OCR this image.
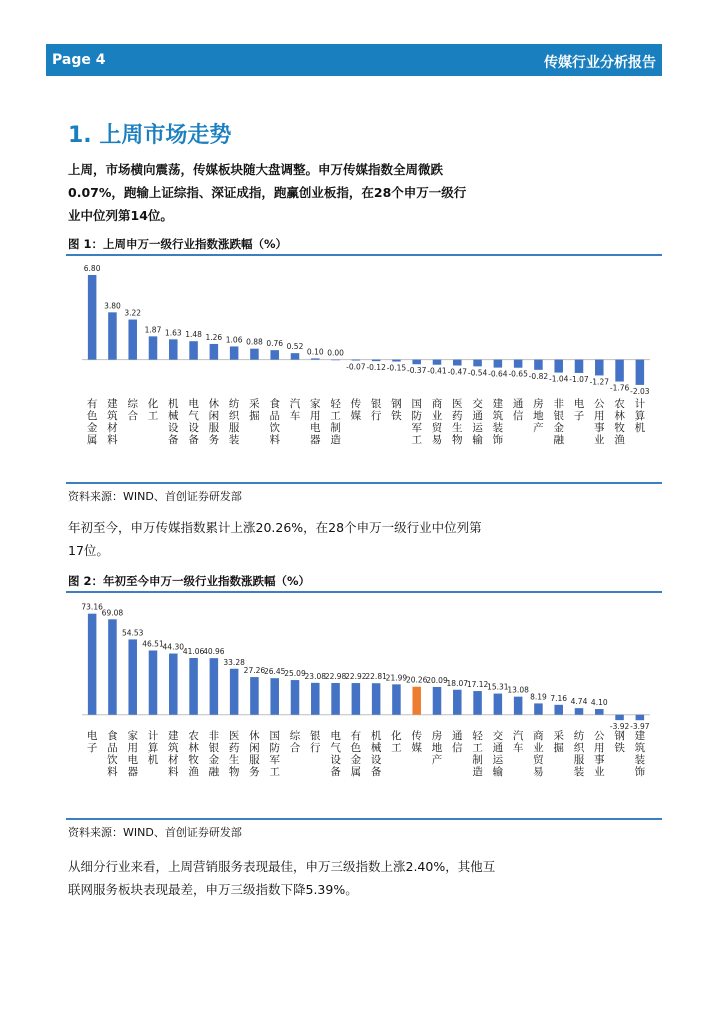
Page 4	传媒行业分析报告
1. 上周市场走势
上周，市场横向震荡，传媒板块随大盘调整。申万传媒指数全周微跌0.07%，跑输上证综指、深证成指，跑赢创业板指，在28个申万一级行业中位列第14位。
图 1：上周申万一级行业指数涨跌幅（%）
6.80
3.80
3.22
1.87 1.63 1.48 1.26 1.06 0.88 0.76 0.52
0.10 0.00
-0.07 -0.12 -0.15 -0.37 -0.41 -0.47 -0.54 -0.64 -0.65 -0.82 -1.04 -1.07 -1.27
-1.76 -2.03
有色金属
建筑材料
综合
化工
机械设备
电气设备
休闲服务
纺织服装
采掘
食品饮料
汽车
家用电器
轻工制造
传媒
银行
钢铁
国防军工
商业贸易
医药生物
交通运输
建筑装饰
通信
房地产
非银金融
电子
公用事业
农林牧渔
计算机
资料来源：WIND、首创证券研发部
年初至今，申万传媒指数累计上涨20.26%，在28个申万一级行业中位列第17位。
图 2：年初至今申万一级行业指数涨跌幅（%）
73.16
69.08
54.53
46.51
44.30
41.06
40.96
33.28
27.26
26.45
25.09
23.08
22.98
22.92
22.81
21.99
20.26
20.09
18.07
17.12
15.31
13.08
8.19 7.16 4.74 4.10
-3.92 -3.97
电子
食品饮料
家用电器
计算机
建筑材料
农林牧渔
非银金融
医药生物
休闲服务
国防军工
综合
银行
电气设备
有色金属
机械设备
化工
传媒
房地产
通信
轻工制造
交通运输
汽车
商业贸易
采掘
纺织服装
公用事业
钢铁
建筑装饰
资料来源：WIND、首创证券研发部
从细分行业来看，上周营销服务表现最佳，申万三级指数上涨2.40%，其他互联网服务板块表现最差，申万三级指数下降5.39%。
